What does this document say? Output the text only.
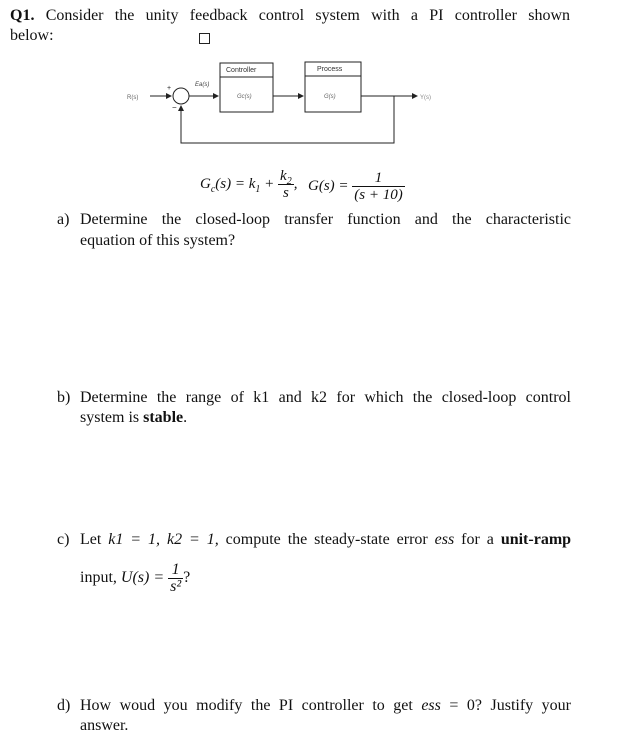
Q1. Consider the unity feedback control system with a PI controller shown
below:
R(s)
+
−
Ea(s)
Controller
Gc(s)
Process
G(s)	Y(s)
$G_c(s) = k_1 + \frac{k_2}{s}$ , $G(s) = \frac{1}{(s + 10)}$
a) Determine the closed-loop transfer function and the characteristic
equation of this system?
b) Determine the range of k1 and k2 for which the closed-loop control
system is stable.
c) Let k1 = 1, k2 = 1, compute the steady-state error ess for a unit-ramp
input, $U(s) = \frac{1}{\text{s²}}$ ?
d) How woud you modify the PI controller to get ess = 0? Justify your
answer.
